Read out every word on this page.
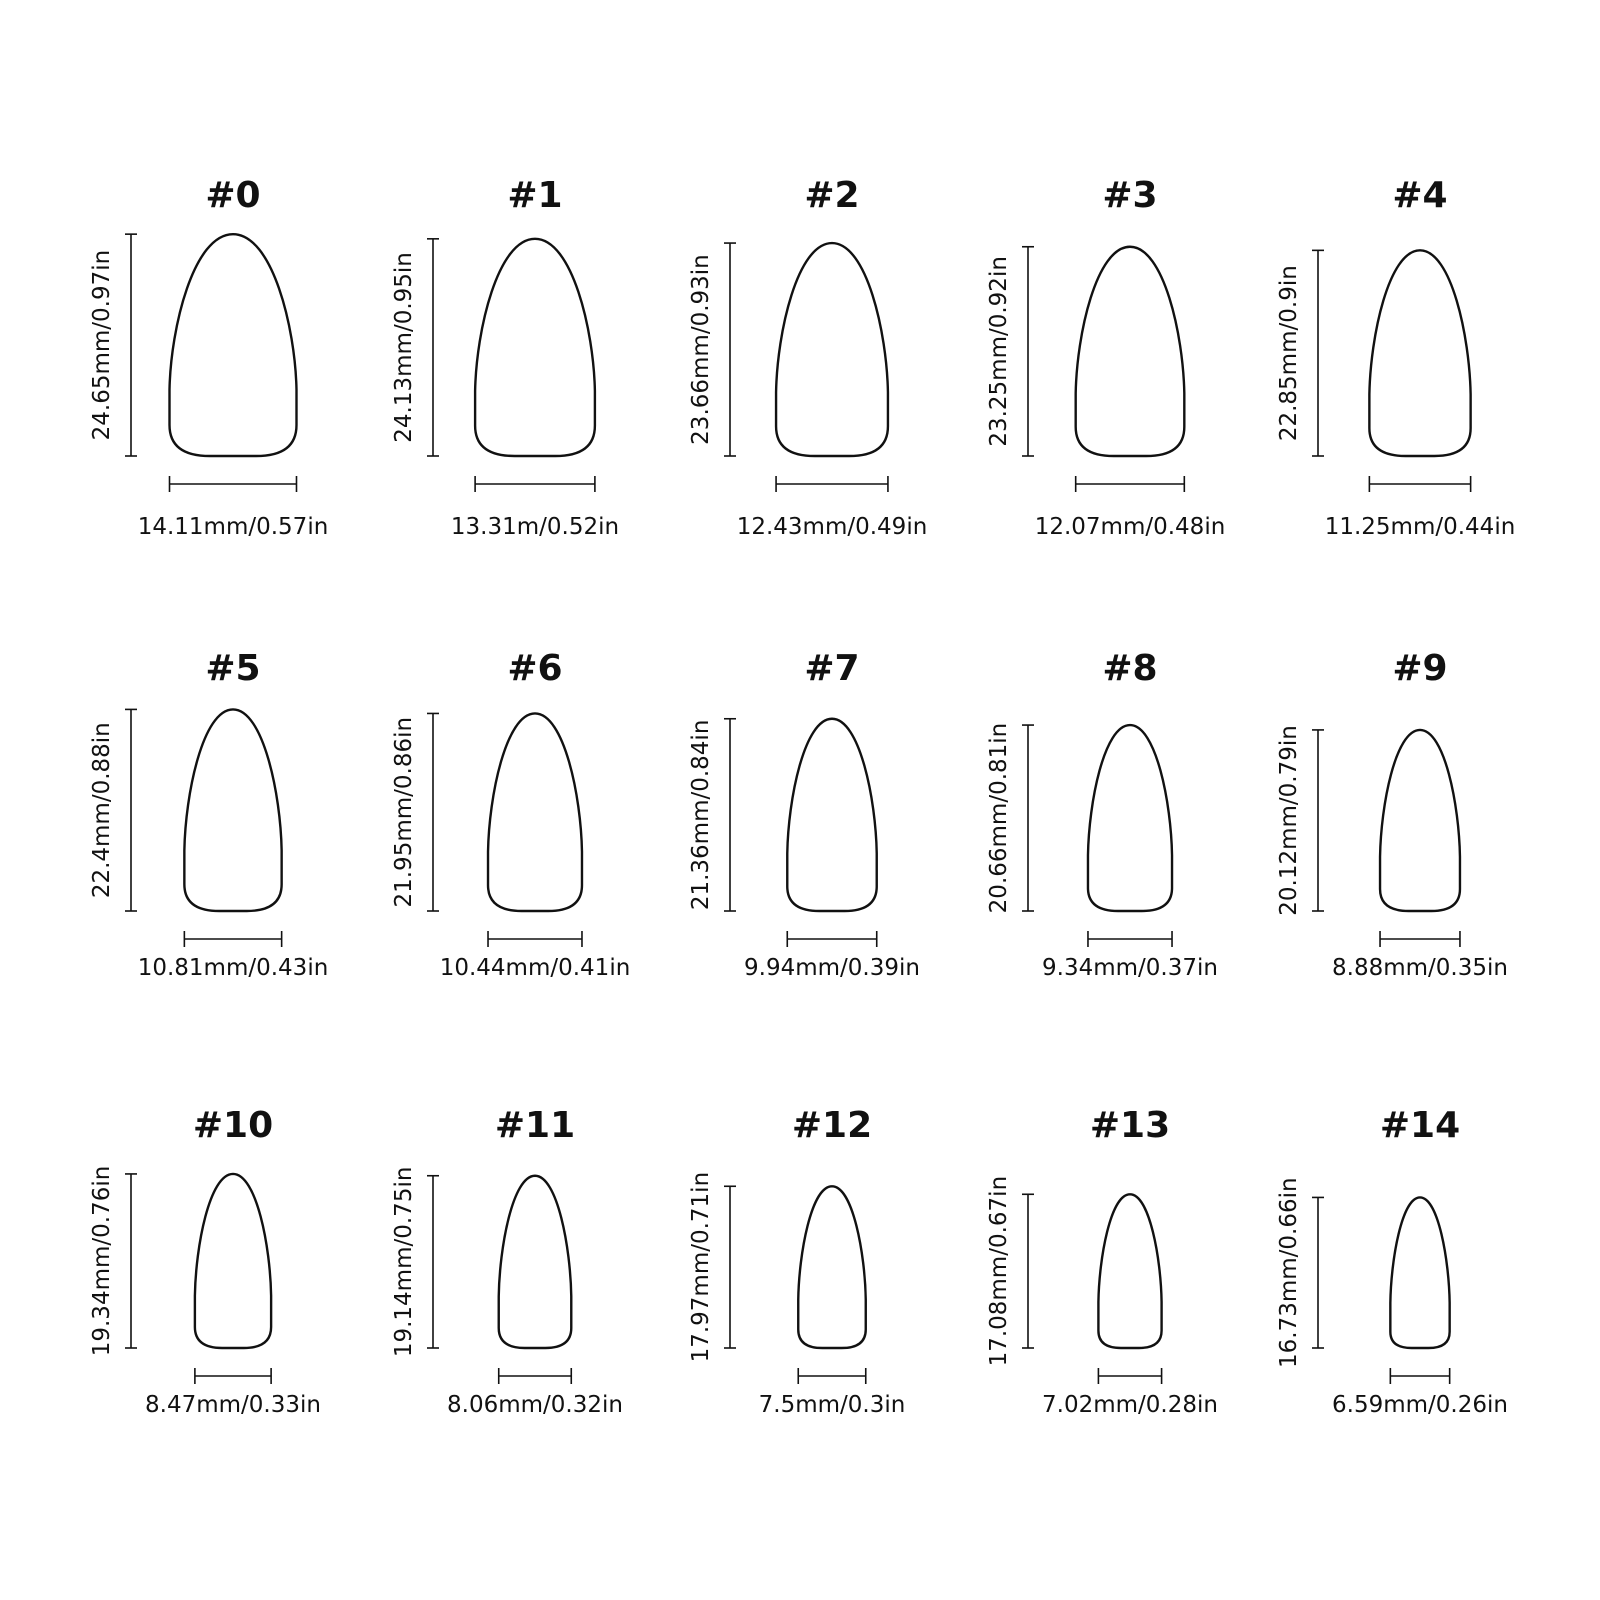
#0
24.65mm/0.97in
14.11mm/0.57in
#1
24.13mm/0.95in
13.31m/0.52in
#2
23.66mm/0.93in
12.43mm/0.49in
#3
23.25mm/0.92in
12.07mm/0.48in
#4
22.85mm/0.9in
11.25mm/0.44in
#5
22.4mm/0.88in
10.81mm/0.43in
#6
21.95mm/0.86in
10.44mm/0.41in
#7
21.36mm/0.84in
9.94mm/0.39in
#8
20.66mm/0.81in
9.34mm/0.37in
#9
20.12mm/0.79in
8.88mm/0.35in
#10
19.34mm/0.76in
8.47mm/0.33in
#11
19.14mm/0.75in
8.06mm/0.32in
#12
17.97mm/0.71in
7.5mm/0.3in
#13
17.08mm/0.67in
7.02mm/0.28in
#14
16.73mm/0.66in
6.59mm/0.26in
